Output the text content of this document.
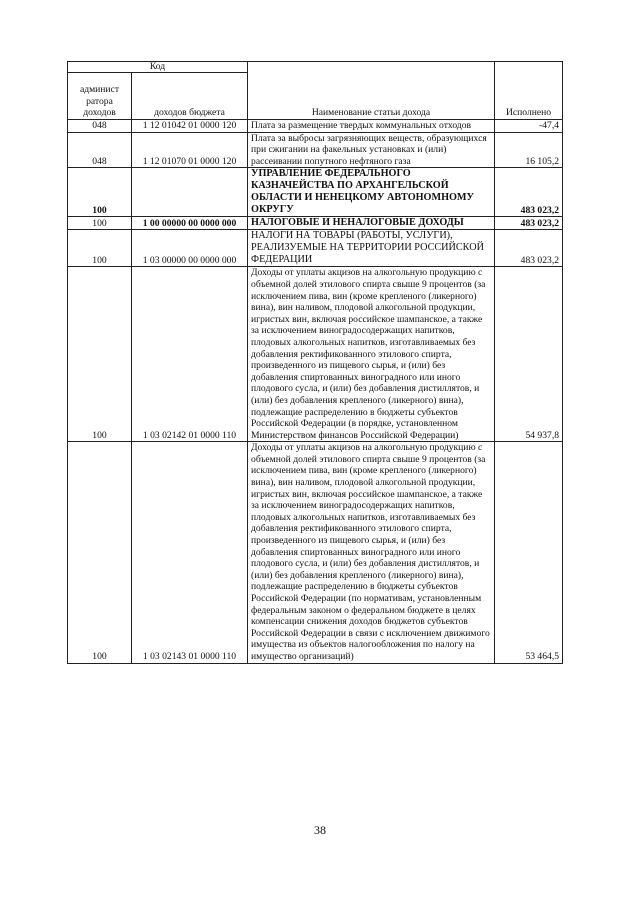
Код		Наименование статьи дохода	Исполнено
админист ратора доходов	доходов бюджета		
048	1 12 01042 01 0000 120	Плата за размещение твердых коммунальных отходов	-47,4
048	1 12 01070 01 0000 120	Плата за выбросы загрязняющих веществ, образующихся при сжигании на факельных установках и (или) рассеивании попутного нефтяного газа	16 105,2
100		УПРАВЛЕНИЕ ФЕДЕРАЛЬНОГО КАЗНАЧЕЙСТВА ПО АРХАНГЕЛЬСКОЙ ОБЛАСТИ И НЕНЕЦКОМУ АВТОНОМНОМУ ОКРУГУ	483 023,2
100	1 00 00000 00 0000 000	НАЛОГОВЫЕ И НЕНАЛОГОВЫЕ ДОХОДЫ	483 023,2
100	1 03 00000 00 0000 000	НАЛОГИ НА ТОВАРЫ (РАБОТЫ, УСЛУГИ), РЕАЛИЗУЕМЫЕ НА ТЕРРИТОРИИ РОССИЙСКОЙ ФЕДЕРАЦИИ	483 023,2
100	1 03 02142 01 0000 110	Доходы от уплаты акцизов на алкогольную продукцию с объемной долей этилового спирта свыше 9 процентов (за исключением пива, вин (кроме крепленого (ликерного) вина), вин наливом, плодовой алкогольной продукции, игристых вин, включая российское шампанское, а также за исключением виноградосодержащих напитков, плодовых алкогольных напитков, изготавливаемых без добавления ректификованного этилового спирта, произведенного из пищевого сырья, и (или) без добавления спиртованных виноградного или иного плодового сусла, и (или) без добавления дистиллятов, и (или) без добавления крепленого (ликерного) вина), подлежащие распределению в бюджеты субъектов Российской Федерации (в порядке, установленном Министерством финансов Российской Федерации)	54 937,8
100	1 03 02143 01 0000 110	Доходы от уплаты акцизов на алкогольную продукцию с объемной долей этилового спирта свыше 9 процентов (за исключением пива, вин (кроме крепленого (ликерного) вина), вин наливом, плодовой алкогольной продукции, игристых вин, включая российское шампанское, а также за исключением виноградосодержащих напитков, плодовых алкогольных напитков, изготавливаемых без добавления ректификованного этилового спирта, произведенного из пищевого сырья, и (или) без добавления спиртованных виноградного или иного плодового сусла, и (или) без добавления дистиллятов, и (или) без добавления крепленого (ликерного) вина), подлежащие распределению в бюджеты субъектов Российской Федерации (по нормативам, установленным федеральным законом о федеральном бюджете в целях компенсации снижения доходов бюджетов субъектов Российской Федерации в связи с исключением движимого имущества из объектов налогообложения по налогу на имущество организаций)	53 464,5
38
